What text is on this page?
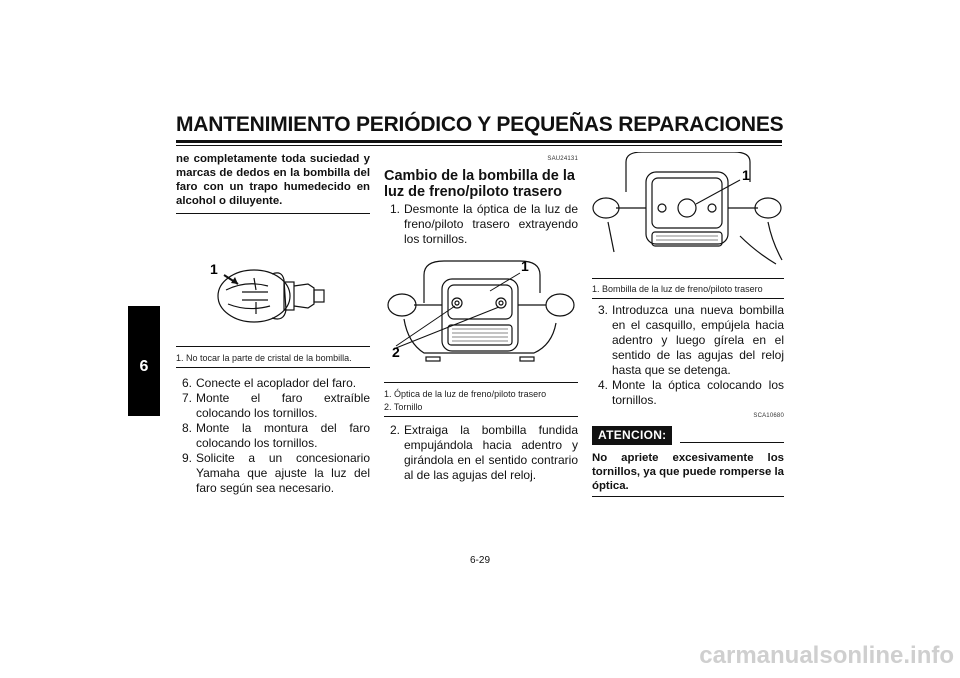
MANTENIMIENTO PERIÓDICO Y PEQUEÑAS REPARACIONES
6
ne completamente toda suciedad y marcas de dedos en la bombilla del faro con un trapo humedecido en alcohol o diluyente.
1
1. No tocar la parte de cristal de la bombilla.
6. Conecte el acoplador del faro.
7. Monte el faro extraíble colocando los tornillos.
8. Monte la montura del faro colocando los tornillos.
9. Solicite a un concesionario Yamaha que ajuste la luz del faro según sea necesario.
SAU24131
Cambio de la bombilla de la luz de freno/piloto trasero
1. Desmonte la óptica de la luz de freno/piloto trasero extrayendo los tornillos.
1
2
1. Óptica de la luz de freno/piloto trasero
2. Tornillo
2. Extraiga la bombilla fundida empujándola hacia adentro y girándola en el sentido contrario al de las agujas del reloj.
1
1. Bombilla de la luz de freno/piloto trasero
3. Introduzca una nueva bombilla en el casquillo, empújela hacia adentro y luego gírela en el sentido de las agujas del reloj hasta que se detenga.
4. Monte la óptica colocando los tornillos.
SCA10680
ATENCION:
No apriete excesivamente los tornillos, ya que puede romperse la óptica.
6-29
carmanualsonline.info
